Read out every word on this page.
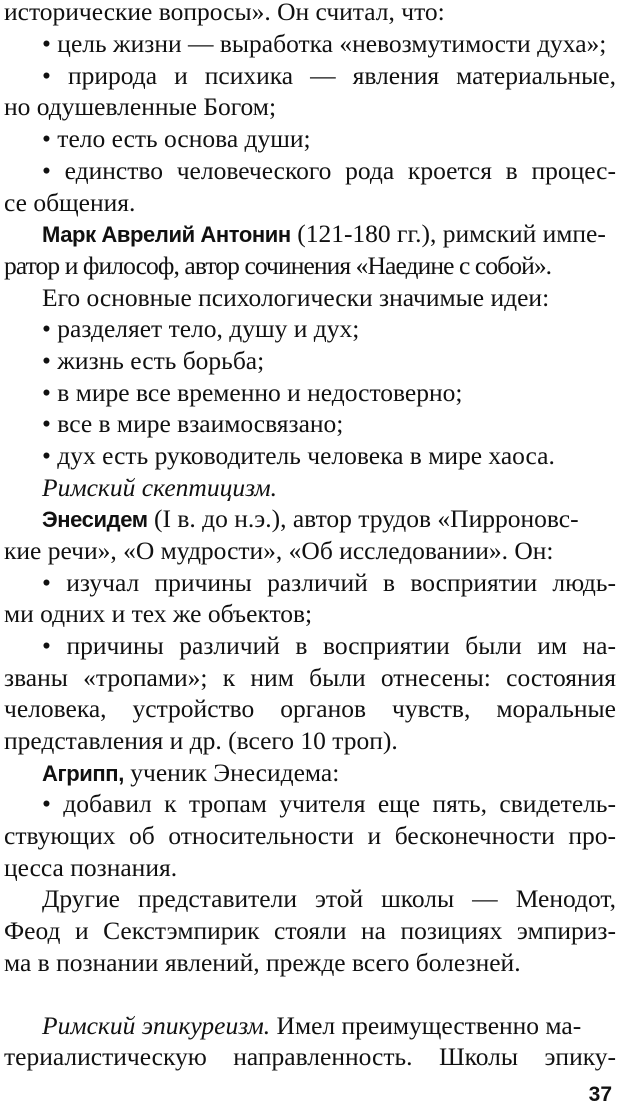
исторические вопросы». Он считал, что:
• цель жизни — выработка «невозмутимости духа»;
• природа и психика — явления материальные,
но одушевленные Богом;
• тело есть основа души;
• единство человеческого рода кроется в процес-
се общения.
Марк Аврелий Антонин (121-180 гг.), римский импе-
ратор и философ, автор сочинения «Наедине с собой».
Его основные психологически значимые идеи:
• разделяет тело, душу и дух;
• жизнь есть борьба;
• в мире все временно и недостоверно;
• все в мире взаимосвязано;
• дух есть руководитель человека в мире хаоса.
Римский скептицизм.
Энесидем (I в. до н.э.), автор трудов «Пирроновс-
кие речи», «О мудрости», «Об исследовании». Он:
• изучал причины различий в восприятии людь-
ми одних и тех же объектов;
• причины различий в восприятии были им на-
званы «тропами»; к ним были отнесены: состояния
человека, устройство органов чувств, моральные
представления и др. (всего 10 троп).
Агрипп, ученик Энесидема:
• добавил к тропам учителя еще пять, свидетель-
ствующих об относительности и бесконечности про-
цесса познания.
Другие представители этой школы — Менодот,
Феод и Секстэмпирик стояли на позициях эмпириз-
ма в познании явлений, прежде всего болезней.
Римский эпикуреизм. Имел преимущественно ма-
териалистическую направленность. Школы эпику-
37
